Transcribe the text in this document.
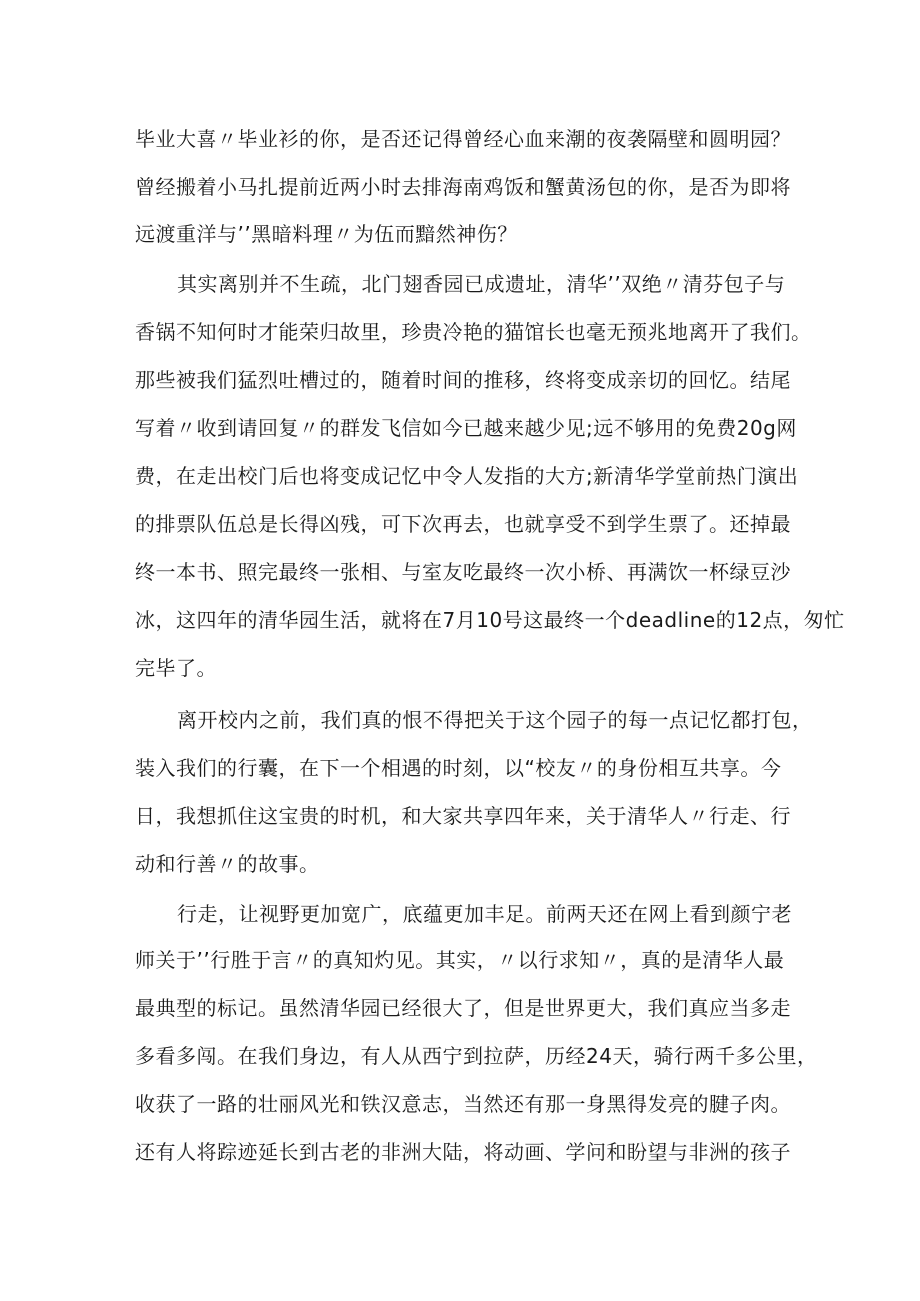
毕业大喜〃毕业衫的你，是否还记得曾经心血来潮的夜袭隔壁和圆明园？
曾经搬着小马扎提前近两小时去排海南鸡饭和蟹黄汤包的你，是否为即将
远渡重洋与’’黑暗料理〃为伍而黯然神伤？
其实离别并不生疏，北门翅香园已成遗址，清华’’双绝〃清芬包子与
香锅不知何时才能荣归故里，珍贵冷艳的猫馆长也毫无预兆地离开了我们。
那些被我们猛烈吐槽过的，随着时间的推移，终将变成亲切的回忆。结尾
写着〃收到请回复〃的群发飞信如今已越来越少见;远不够用的免费20g网
费，在走出校门后也将变成记忆中令人发指的大方;新清华学堂前热门演出
的排票队伍总是长得凶残，可下次再去，也就享受不到学生票了。还掉最
终一本书、照完最终一张相、与室友吃最终一次小桥、再满饮一杯绿豆沙
冰，这四年的清华园生活，就将在7月10号这最终一个deadline的12点，匆忙
完毕了。
离开校内之前，我们真的恨不得把关于这个园子的每一点记忆都打包，
装入我们的行囊，在下一个相遇的时刻，以“校友〃的身份相互共享。今
日，我想抓住这宝贵的时机，和大家共享四年来，关于清华人〃行走、行
动和行善〃的故事。
行走，让视野更加宽广，底蕴更加丰足。前两天还在网上看到颜宁老
师关于’’行胜于言〃的真知灼见。其实，〃以行求知〃，真的是清华人最
最典型的标记。虽然清华园已经很大了，但是世界更大，我们真应当多走
多看多闯。在我们身边，有人从西宁到拉萨，历经24天，骑行两千多公里，
收获了一路的壮丽风光和铁汉意志，当然还有那一身黑得发亮的腱子肉。
还有人将踪迹延长到古老的非洲大陆，将动画、学问和盼望与非洲的孩子
